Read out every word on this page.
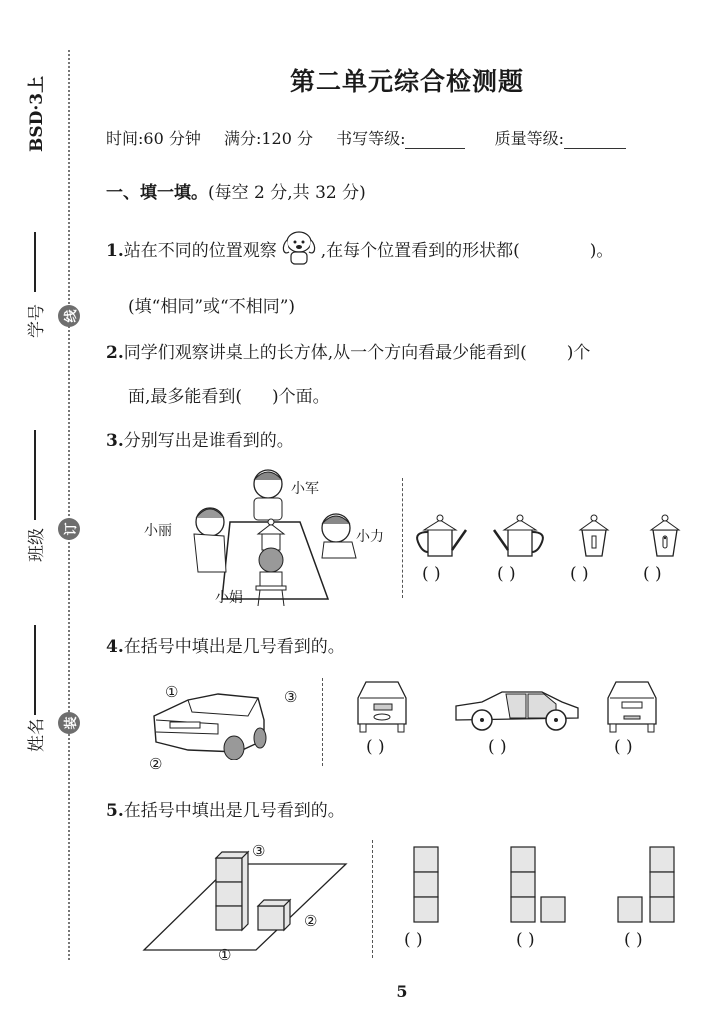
BSD·3上
学号	线
班级	订
姓名	装
第二单元综合检测题
时间:60 分钟 满分:120 分 书写等级:	质量等级:
一、填一填。(每空 2 分,共 32 分)
1.站在不同的位置观察	,在每个位置看到的形状都(	)。
(填“相同”或“不相同”)
2.同学们观察讲桌上的长方体,从一个方向看最少能看到( )个
面,最多能看到( )个面。
3.分别写出是谁看到的。
小军
小丽	小力
小娟
( )	( )	( )	( )
4.在括号中填出是几号看到的。
①
②
③
( )	( )	( )
5.在括号中填出是几号看到的。
③
②
①
( )	( )	( )
5
